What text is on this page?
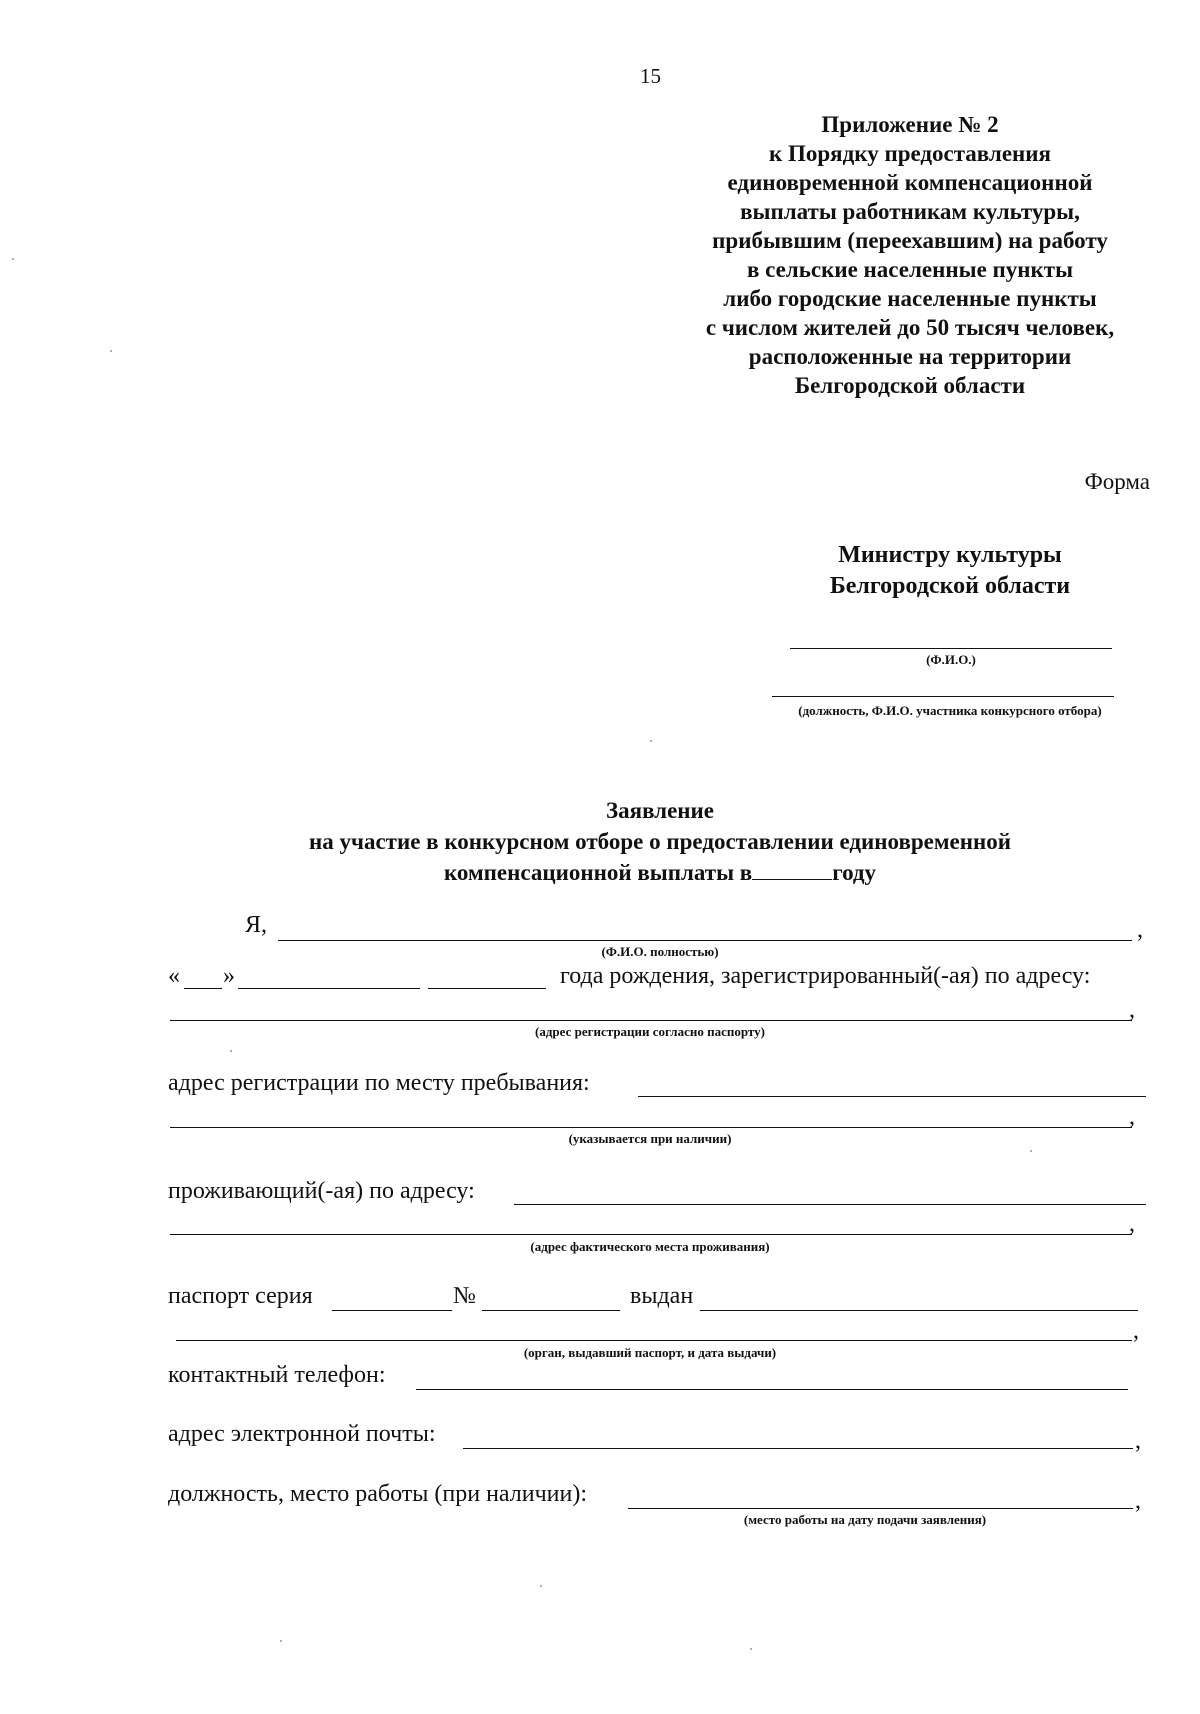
15
Приложение № 2
к Порядку предоставления
единовременной компенсационной
выплаты работникам культуры,
прибывшим (переехавшим) на работу
в сельские населенные пункты
либо городские населенные пункты
с числом жителей до 50 тысяч человек,
расположенные на территории
Белгородской области
Форма
Министру культуры
Белгородской области
(Ф.И.О.)
(должность, Ф.И.О. участника конкурсного отбора)
Заявление
на участие в конкурсном отборе о предоставлении единовременной
компенсационной выплаты в	году
Я,	,
(Ф.И.О. полностью)
« »	года рождения, зарегистрированный(-ая) по адресу:
,
(адрес регистрации согласно паспорту)
адрес регистрации по месту пребывания:
,
(указывается при наличии)
проживающий(-ая) по адресу:
,
(адрес фактического места проживания)
паспорт серия	№	выдан
,
(орган, выдавший паспорт, и дата выдачи)
контактный телефон:
адрес электронной почты:	,
должность, место работы (при наличии):	,
(место работы на дату подачи заявления)
